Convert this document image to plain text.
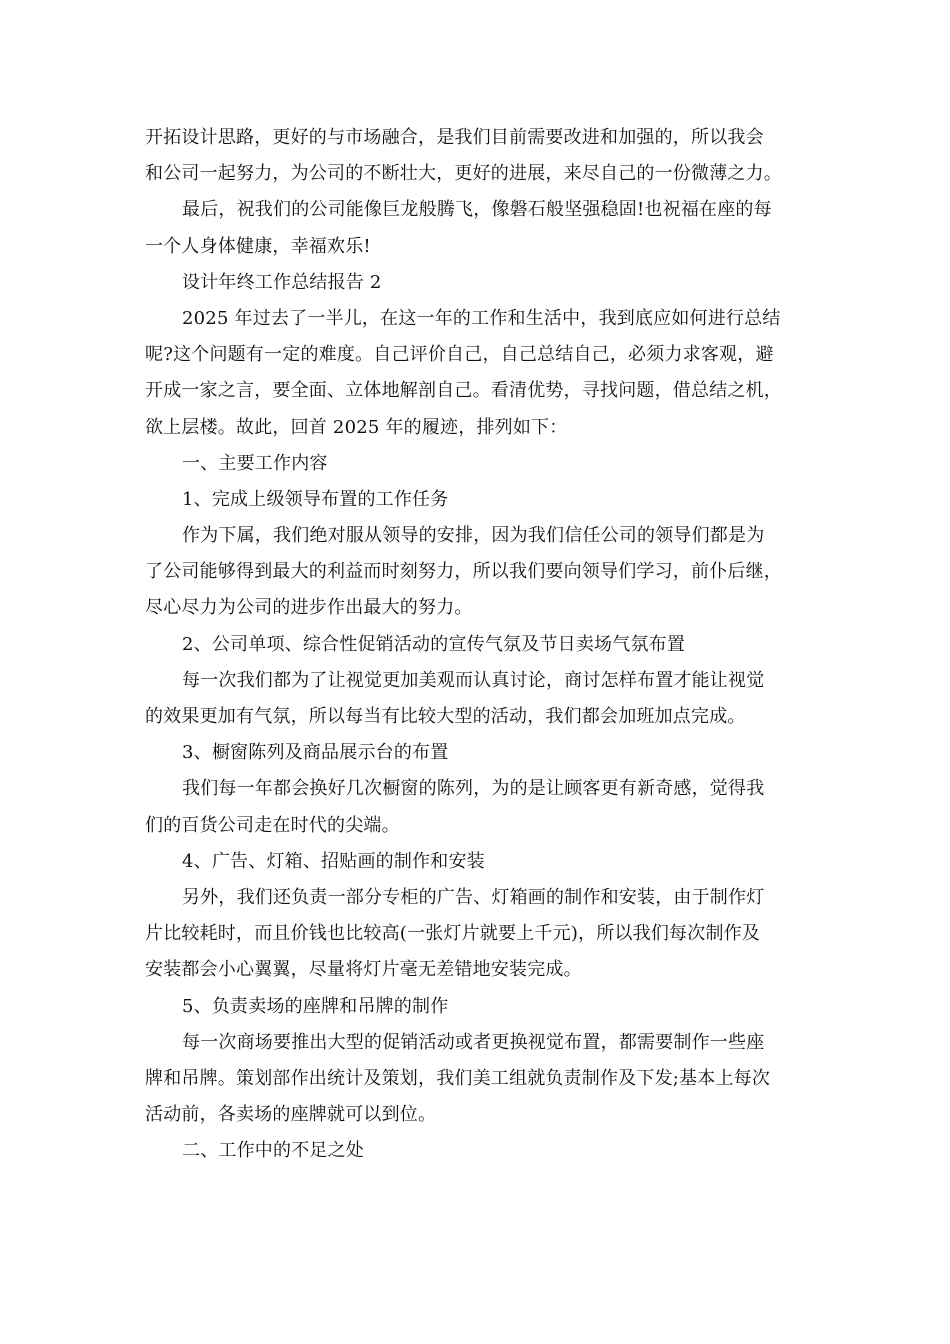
开拓设计思路，更好的与市场融合，是我们目前需要改进和加强的，所以我会
和公司一起努力，为公司的不断壮大，更好的进展，来尽自己的一份微薄之力。
最后，祝我们的公司能像巨龙般腾飞，像磐石般坚强稳固!也祝福在座的每
一个人身体健康，幸福欢乐!
设计年终工作总结报告 2
2025 年过去了一半儿，在这一年的工作和生活中，我到底应如何进行总结
呢?这个问题有一定的难度。自己评价自己，自己总结自己，必须力求客观，避
开成一家之言，要全面、立体地解剖自己。看清优势，寻找问题，借总结之机，
欲上层楼。故此，回首 2025 年的履迹，排列如下：
一、主要工作内容
1、完成上级领导布置的工作任务
作为下属，我们绝对服从领导的安排，因为我们信任公司的领导们都是为
了公司能够得到最大的利益而时刻努力，所以我们要向领导们学习，前仆后继，
尽心尽力为公司的进步作出最大的努力。
2、公司单项、综合性促销活动的宣传气氛及节日卖场气氛布置
每一次我们都为了让视觉更加美观而认真讨论，商讨怎样布置才能让视觉
的效果更加有气氛，所以每当有比较大型的活动，我们都会加班加点完成。
3、橱窗陈列及商品展示台的布置
我们每一年都会换好几次橱窗的陈列，为的是让顾客更有新奇感，觉得我
们的百货公司走在时代的尖端。
4、广告、灯箱、招贴画的制作和安装
另外，我们还负责一部分专柜的广告、灯箱画的制作和安装，由于制作灯
片比较耗时，而且价钱也比较高(一张灯片就要上千元)，所以我们每次制作及
安装都会小心翼翼，尽量将灯片毫无差错地安装完成。
5、负责卖场的座牌和吊牌的制作
每一次商场要推出大型的促销活动或者更换视觉布置，都需要制作一些座
牌和吊牌。策划部作出统计及策划，我们美工组就负责制作及下发;基本上每次
活动前，各卖场的座牌就可以到位。
二、工作中的不足之处
